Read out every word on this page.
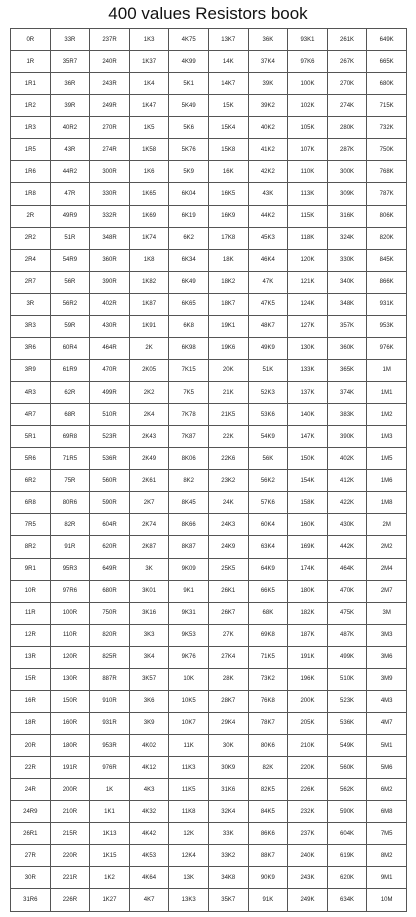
400 values Resistors book
0R	33R	237R	1K3	4K75	13K7	36K	93K1	261K	649K
1R	35R7	240R	1K37	4K99	14K	37K4	97K6	267K	665K
1R1	36R	243R	1K4	5K1	14K7	39K	100K	270K	680K
1R2	39R	249R	1K47	5K49	15K	39K2	102K	274K	715K
1R3	40R2	270R	1K5	5K6	15K4	40K2	105K	280K	732K
1R5	43R	274R	1K58	5K76	15K8	41K2	107K	287K	750K
1R6	44R2	300R	1K6	5K9	16K	42K2	110K	300K	768K
1R8	47R	330R	1K65	6K04	16K5	43K	113K	309K	787K
2R	49R9	332R	1K69	6K19	16K9	44K2	115K	316K	806K
2R2	51R	348R	1K74	6K2	17K8	45K3	118K	324K	820K
2R4	54R9	360R	1K8	6K34	18K	46K4	120K	330K	845K
2R7	56R	390R	1K82	6K49	18K2	47K	121K	340K	866K
3R	56R2	402R	1K87	6K65	18K7	47K5	124K	348K	931K
3R3	59R	430R	1K91	6K8	19K1	48K7	127K	357K	953K
3R6	60R4	464R	2K	6K98	19K6	49K9	130K	360K	976K
3R9	61R9	470R	2K05	7K15	20K	51K	133K	365K	1M
4R3	62R	499R	2K2	7K5	21K	52K3	137K	374K	1M1
4R7	68R	510R	2K4	7K78	21K5	53K6	140K	383K	1M2
5R1	69R8	523R	2K43	7K87	22K	54K9	147K	390K	1M3
5R6	71R5	536R	2K49	8K06	22K6	56K	150K	402K	1M5
6R2	75R	560R	2K61	8K2	23K2	56K2	154K	412K	1M6
6R8	80R6	590R	2K7	8K45	24K	57K6	158K	422K	1M8
7R5	82R	604R	2K74	8K66	24K3	60K4	160K	430K	2M
8R2	91R	620R	2K87	8K87	24K9	63K4	169K	442K	2M2
9R1	95R3	649R	3K	9K09	25K5	64K9	174K	464K	2M4
10R	97R6	680R	3K01	9K1	26K1	66K5	180K	470K	2M7
11R	100R	750R	3K16	9K31	26K7	68K	182K	475K	3M
12R	110R	820R	3K3	9K53	27K	69K8	187K	487K	3M3
13R	120R	825R	3K4	9K76	27K4	71K5	191K	499K	3M6
15R	130R	887R	3K57	10K	28K	73K2	196K	510K	3M9
16R	150R	910R	3K6	10K5	28K7	76K8	200K	523K	4M3
18R	160R	931R	3K9	10K7	29K4	78K7	205K	536K	4M7
20R	180R	953R	4K02	11K	30K	80K6	210K	549K	5M1
22R	191R	976R	4K12	11K3	30K9	82K	220K	560K	5M6
24R	200R	1K	4K3	11K5	31K6	82K5	226K	562K	6M2
24R9	210R	1K1	4K32	11K8	32K4	84K5	232K	590K	6M8
26R1	215R	1K13	4K42	12K	33K	86K6	237K	604K	7M5
27R	220R	1K15	4K53	12K4	33K2	88K7	240K	619K	8M2
30R	221R	1K2	4K64	13K	34K8	90K9	243K	620K	9M1
31R6	226R	1K27	4K7	13K3	35K7	91K	249K	634K	10M
